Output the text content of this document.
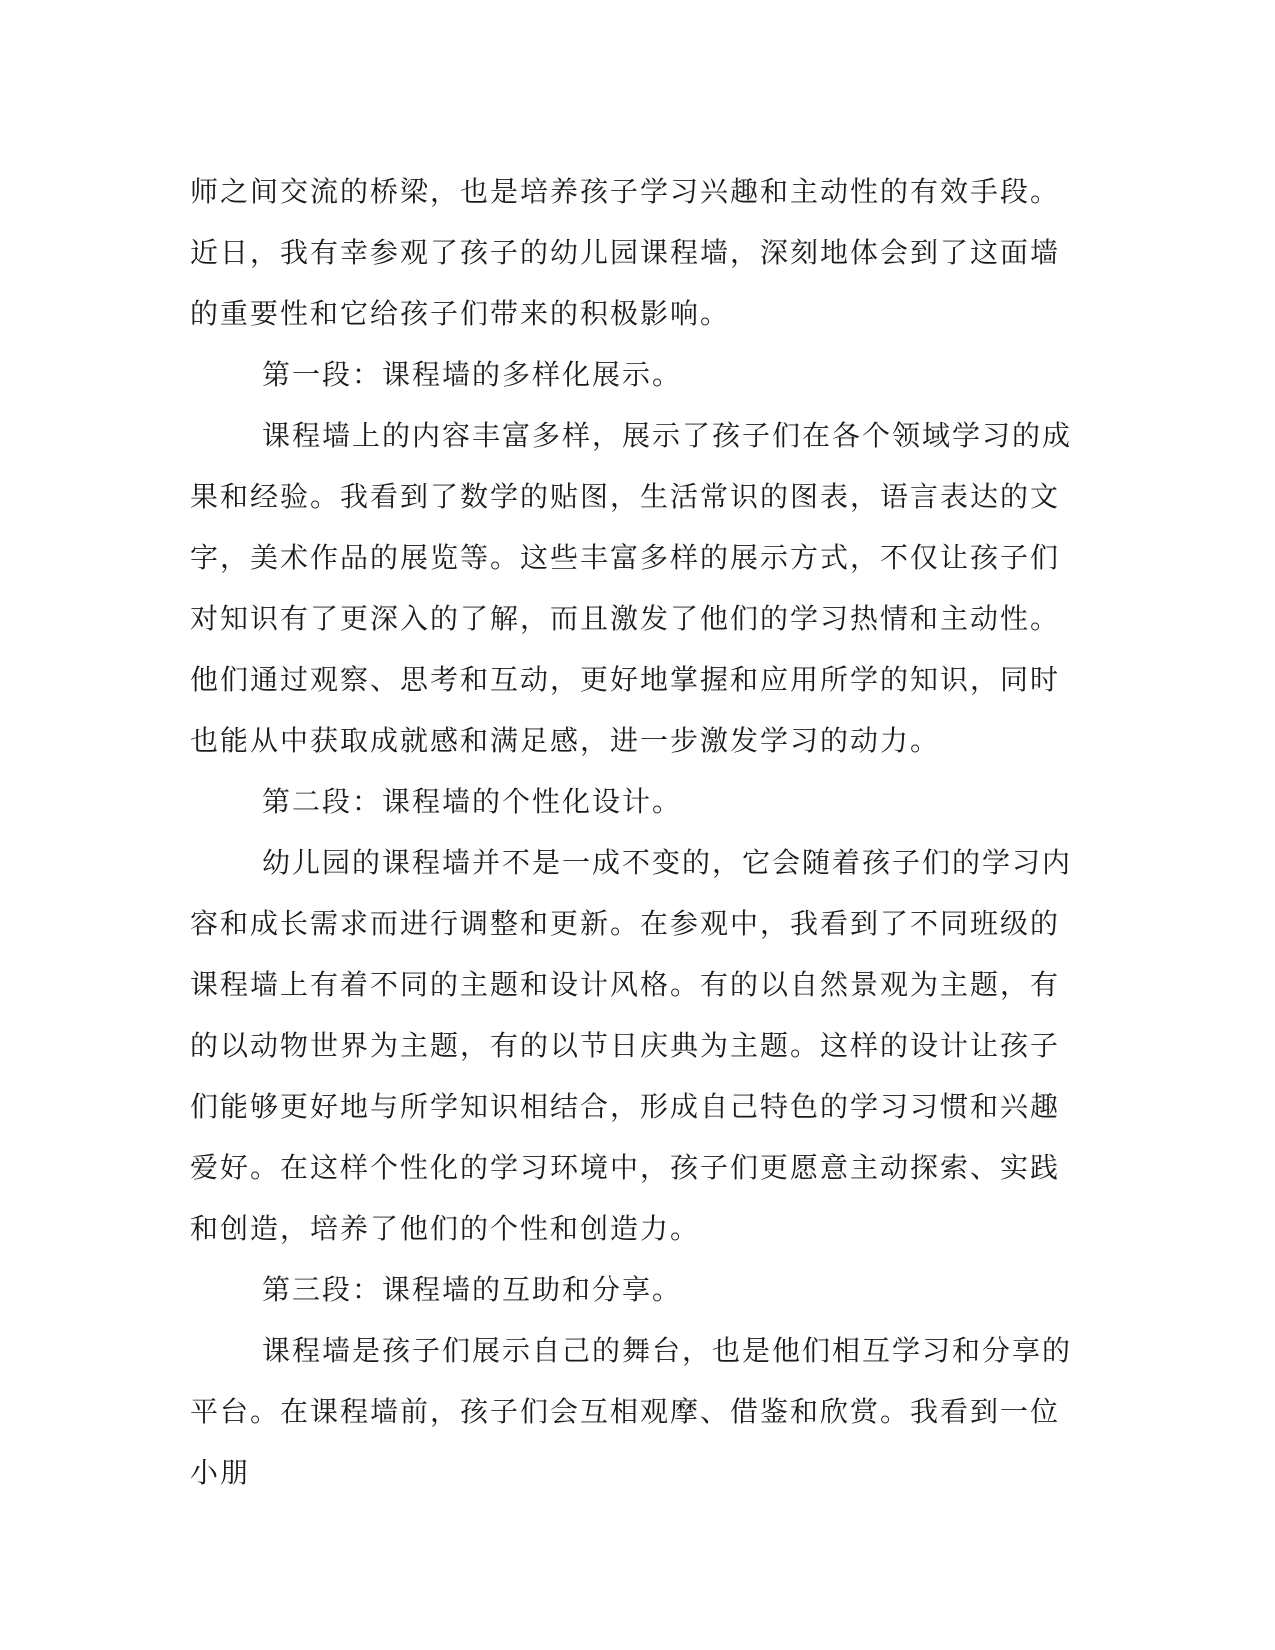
师之间交流的桥梁，也是培养孩子学习兴趣和主动性的有效手段。近日，我有幸参观了孩子的幼儿园课程墙，深刻地体会到了这面墙的重要性和它给孩子们带来的积极影响。

第一段：课程墙的多样化展示。

课程墙上的内容丰富多样，展示了孩子们在各个领域学习的成果和经验。我看到了数学的贴图，生活常识的图表，语言表达的文字，美术作品的展览等。这些丰富多样的展示方式，不仅让孩子们对知识有了更深入的了解，而且激发了他们的学习热情和主动性。他们通过观察、思考和互动，更好地掌握和应用所学的知识，同时也能从中获取成就感和满足感，进一步激发学习的动力。

第二段：课程墙的个性化设计。

幼儿园的课程墙并不是一成不变的，它会随着孩子们的学习内容和成长需求而进行调整和更新。在参观中，我看到了不同班级的课程墙上有着不同的主题和设计风格。有的以自然景观为主题，有的以动物世界为主题，有的以节日庆典为主题。这样的设计让孩子们能够更好地与所学知识相结合，形成自己特色的学习习惯和兴趣爱好。在这样个性化的学习环境中，孩子们更愿意主动探索、实践和创造，培养了他们的个性和创造力。

第三段：课程墙的互助和分享。

课程墙是孩子们展示自己的舞台，也是他们相互学习和分享的平台。在课程墙前，孩子们会互相观摩、借鉴和欣赏。我看到一位小朋
